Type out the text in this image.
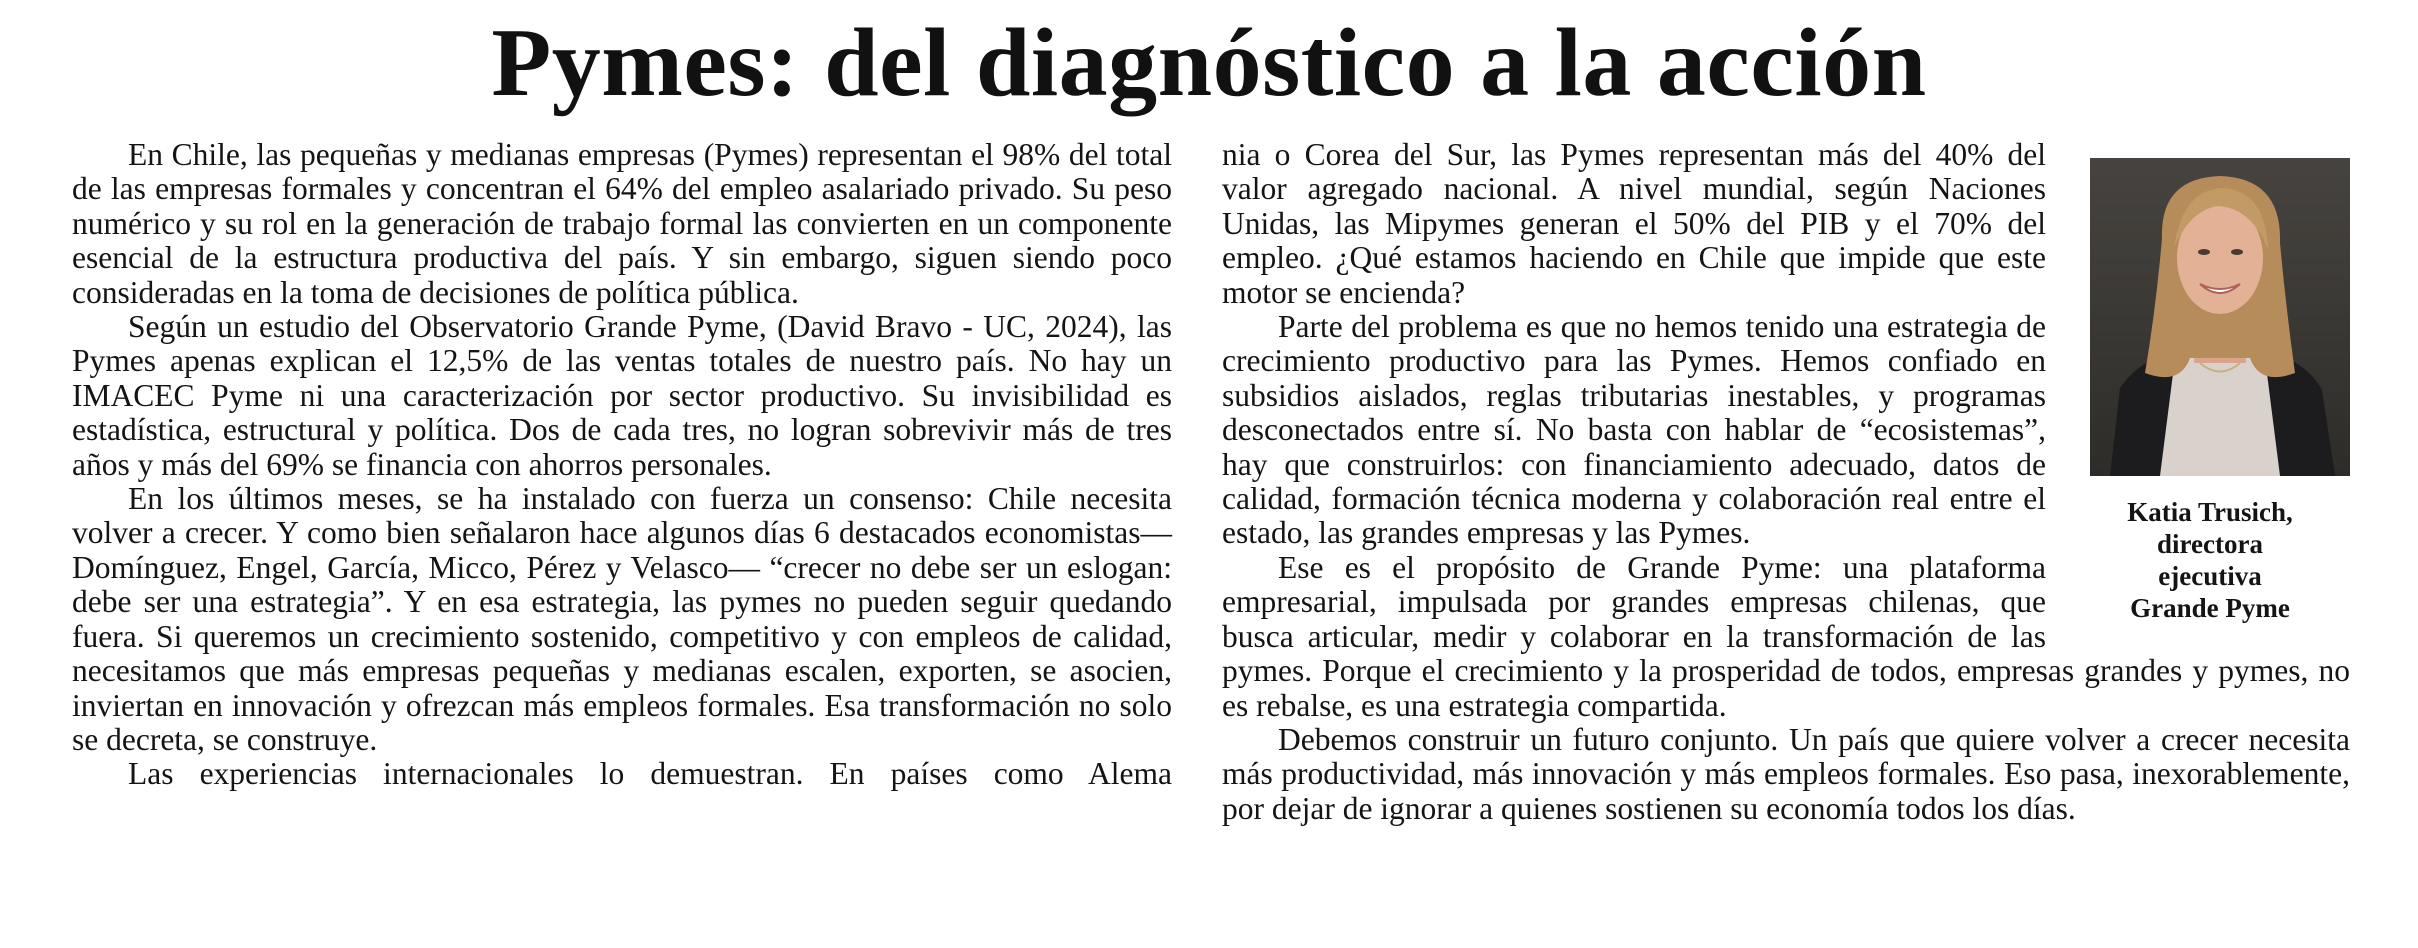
Pymes: del diagnóstico a la acción

En Chile, las pequeñas y medianas empresas (Pymes) representan el 98% del total de las empresas formales y concentran el 64% del empleo asalariado privado. Su peso numérico y su rol en la generación de trabajo formal las convierten en un componente esencial de la estructura productiva del país. Y sin embargo, siguen siendo poco consideradas en la toma de decisiones de política pública.

Según un estudio del Observatorio Grande Pyme, (David Bravo - UC, 2024), las Pymes apenas explican el 12,5% de las ventas totales de nuestro país. No hay un IMACEC Pyme ni una caracterización por sector productivo. Su invisibilidad es estadística, estructural y política. Dos de cada tres, no logran sobrevivir más de tres años y más del 69% se financia con ahorros personales.

En los últimos meses, se ha instalado con fuerza un consenso: Chile necesita volver a crecer. Y como bien señalaron hace algunos días 6 destacados economistas—Domínguez, Engel, García, Micco, Pérez y Velasco— “crecer no debe ser un eslogan: debe ser una estrategia”. Y en esa estrategia, las pymes no pueden seguir quedando fuera. Si queremos un crecimiento sostenido, competitivo y con empleos de calidad, necesitamos que más empresas pequeñas y medianas escalen, exporten, se asocien, inviertan en innovación y ofrezcan más empleos formales. Esa transformación no solo se decreta, se construye.

Las experiencias internacionales lo demuestran. En países como Alema

Katia Trusich,
directora
ejecutiva
Grande Pyme

nia o Corea del Sur, las Pymes representan más del 40% del valor agregado nacional. A nivel mundial, según Naciones Unidas, las Mipymes generan el 50% del PIB y el 70% del empleo. ¿Qué estamos haciendo en Chile que impide que este motor se encienda?

Parte del problema es que no hemos tenido una estrategia de crecimiento productivo para las Pymes. Hemos confiado en subsidios aislados, reglas tributarias inestables, y programas desconectados entre sí. No basta con hablar de “ecosistemas”, hay que construirlos: con financiamiento adecuado, datos de calidad, formación técnica moderna y colaboración real entre el estado, las grandes empresas y las Pymes.

Ese es el propósito de Grande Pyme: una plataforma empresarial, impulsada por grandes empresas chilenas, que busca articular, medir y colaborar en la transformación de las pymes. Porque el crecimiento y la prosperidad de todos, empresas grandes y pymes, no es rebalse, es una estrategia compartida.

Debemos construir un futuro conjunto. Un país que quiere volver a crecer necesita más productividad, más innovación y más empleos formales. Eso pasa, inexorablemente, por dejar de ignorar a quienes sostienen su economía todos los días.
